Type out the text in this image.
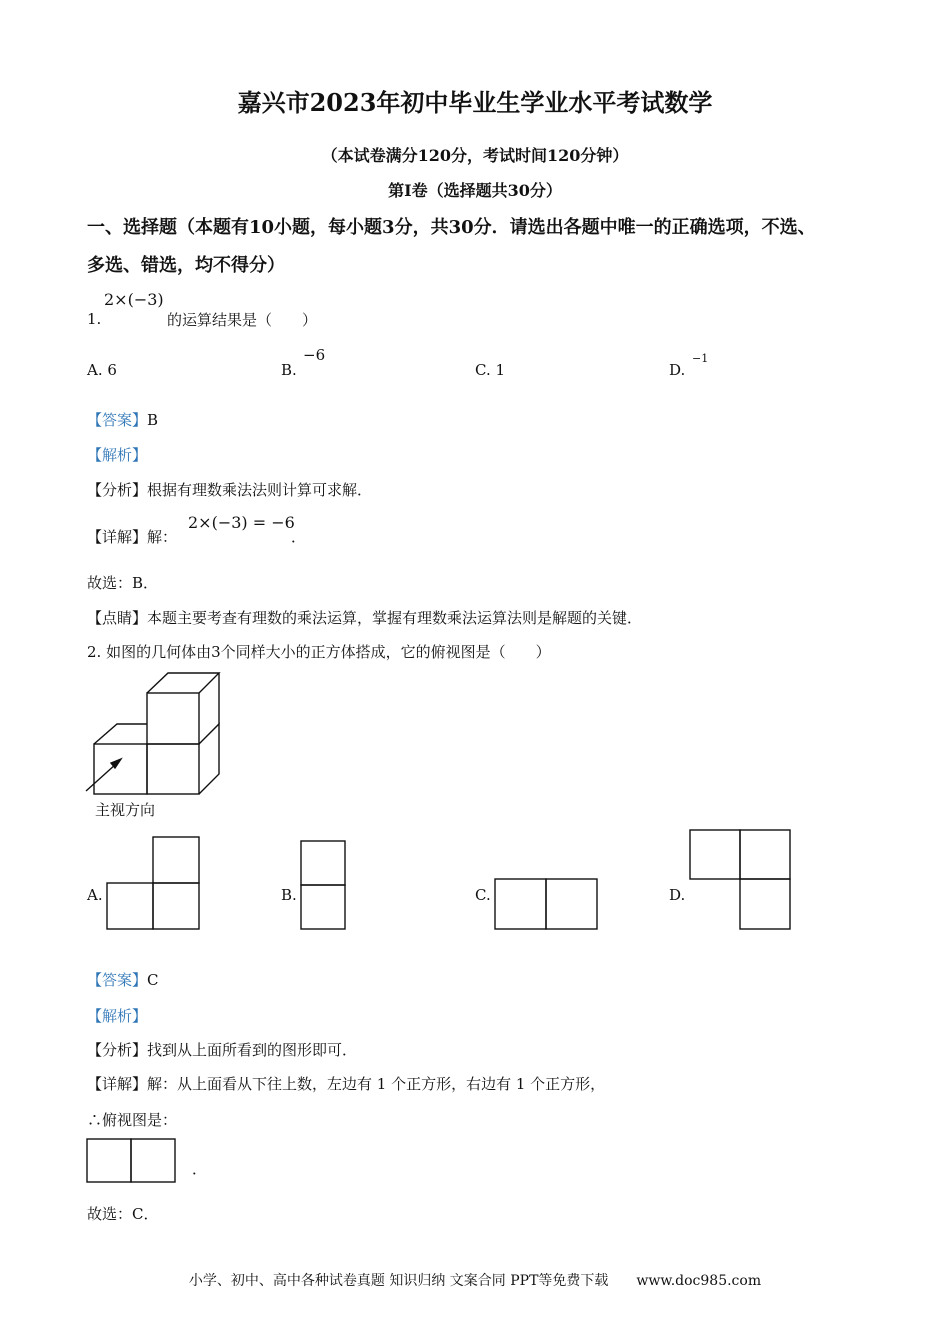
嘉兴市2023年初中毕业生学业水平考试数学
（本试卷满分120分，考试时间120分钟）
第I卷（选择题共30分）
一、选择题（本题有10小题，每小题3分，共30分．请选出各题中唯一的正确选项，不选、
多选、错选，均不得分）
1.
2×(−3)
的运算结果是（　　）
A. 6	B.
−6
C. 1	D.
−1
【答案】B
【解析】
【分析】根据有理数乘法法则计算可求解．
【详解】解：
2×(−3) = −6
．
故选：B．
【点睛】本题主要考查有理数的乘法运算，掌握有理数乘法运算法则是解题的关键．
2. 如图的几何体由3个同样大小的正方体搭成，它的俯视图是（　　）
主视方向
A.	B.	C.	D.
【答案】C
【解析】
【分析】找到从上面所看到的图形即可．
【详解】解：从上面看从下往上数，左边有 1 个正方形，右边有 1 个正方形，
∴俯视图是：
．
故选：C．
小学、初中、高中各种试卷真题 知识归纳 文案合同 PPT等免费下载　　www.doc985.com
